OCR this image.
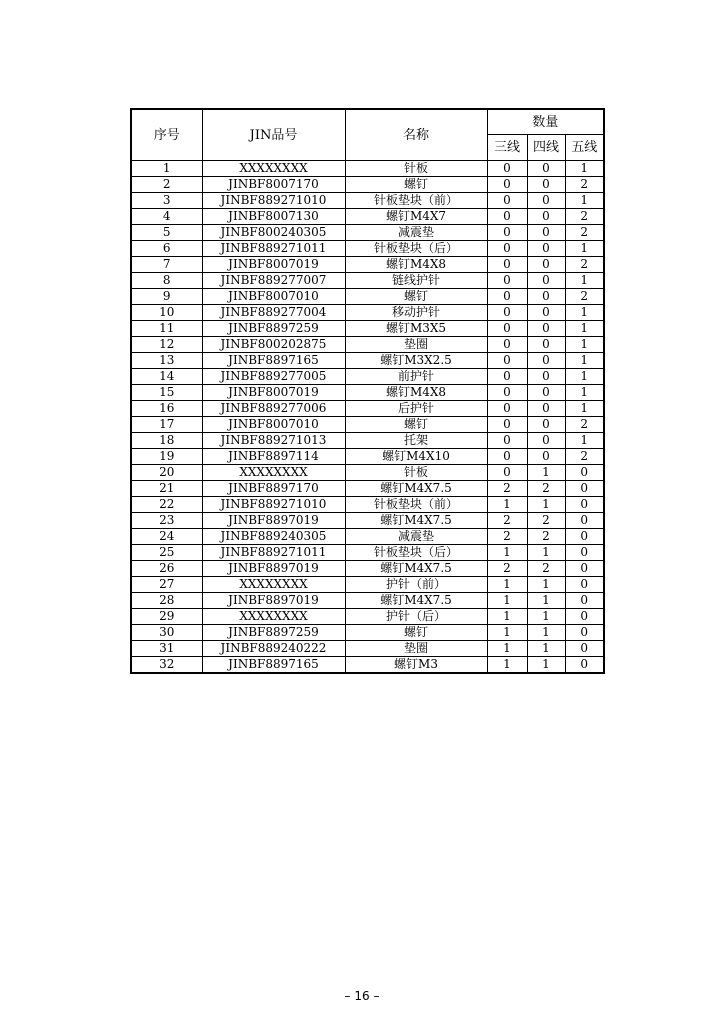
序号	JIN品号	名称	数量		
			三线	四线	五线
1	XXXXXXXX	针板	0	0	1
2	JINBF8007170	螺钉	0	0	2
3	JINBF889271010	针板垫块（前）	0	0	1
4	JINBF8007130	螺钉M4X7	0	0	2
5	JINBF800240305	减震垫	0	0	2
6	JINBF889271011	针板垫块（后）	0	0	1
7	JINBF8007019	螺钉M4X8	0	0	2
8	JINBF889277007	链线护针	0	0	1
9	JINBF8007010	螺钉	0	0	2
10	JINBF889277004	移动护针	0	0	1
11	JINBF8897259	螺钉M3X5	0	0	1
12	JINBF800202875	垫圈	0	0	1
13	JINBF8897165	螺钉M3X2.5	0	0	1
14	JINBF889277005	前护针	0	0	1
15	JINBF8007019	螺钉M4X8	0	0	1
16	JINBF889277006	后护针	0	0	1
17	JINBF8007010	螺钉	0	0	2
18	JINBF889271013	托架	0	0	1
19	JINBF8897114	螺钉M4X10	0	0	2
20	XXXXXXXX	针板	0	1	0
21	JINBF8897170	螺钉M4X7.5	2	2	0
22	JINBF889271010	针板垫块（前）	1	1	0
23	JINBF8897019	螺钉M4X7.5	2	2	0
24	JINBF889240305	减震垫	2	2	0
25	JINBF889271011	针板垫块（后）	1	1	0
26	JINBF8897019	螺钉M4X7.5	2	2	0
27	XXXXXXXX	护针（前）	1	1	0
28	JINBF8897019	螺钉M4X7.5	1	1	0
29	XXXXXXXX	护针（后）	1	1	0
30	JINBF8897259	螺钉	1	1	0
31	JINBF889240222	垫圈	1	1	0
32	JINBF8897165	螺钉M3	1	1	0
– 16 –
